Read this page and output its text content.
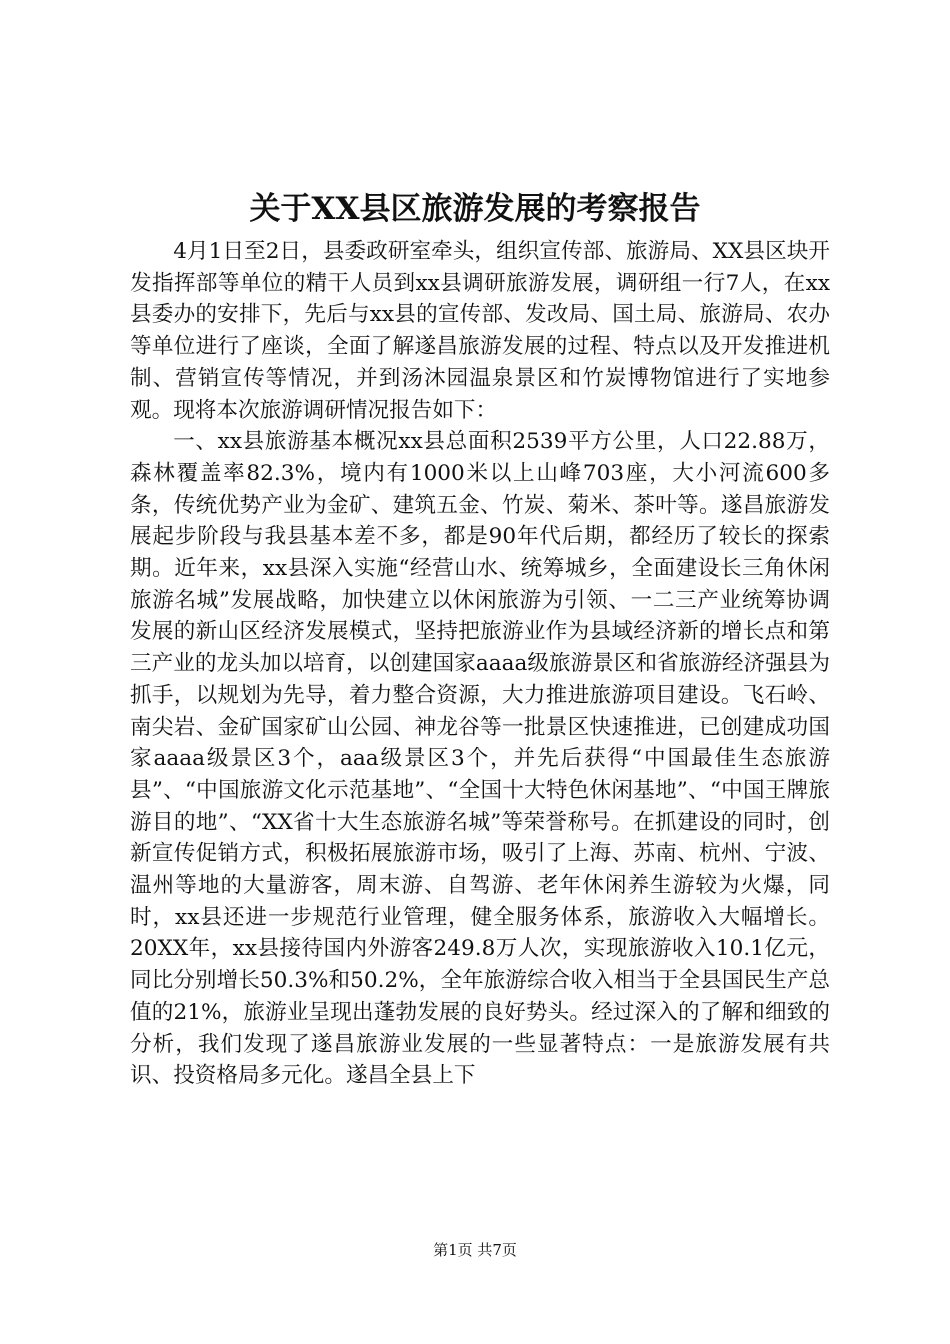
关于XX县区旅游发展的考察报告

4月1日至2日，县委政研室牵头，组织宣传部、旅游局、XX县区块开发指挥部等单位的精干人员到xx县调研旅游发展，调研组一行7人，在xx县委办的安排下，先后与xx县的宣传部、发改局、国土局、旅游局、农办等单位进行了座谈，全面了解遂昌旅游发展的过程、特点以及开发推进机制、营销宣传等情况，并到汤沐园温泉景区和竹炭博物馆进行了实地参观。现将本次旅游调研情况报告如下：

一、xx县旅游基本概况xx县总面积2539平方公里，人口22.88万，森林覆盖率82.3%，境内有1000米以上山峰703座，大小河流600多条，传统优势产业为金矿、建筑五金、竹炭、菊米、茶叶等。遂昌旅游发展起步阶段与我县基本差不多，都是90年代后期，都经历了较长的探索期。近年来，xx县深入实施“经营山水、统筹城乡，全面建设长三角休闲旅游名城”发展战略，加快建立以休闲旅游为引领、一二三产业统筹协调发展的新山区经济发展模式，坚持把旅游业作为县域经济新的增长点和第三产业的龙头加以培育，以创建国家aaaa级旅游景区和省旅游经济强县为抓手，以规划为先导，着力整合资源，大力推进旅游项目建设。飞石岭、南尖岩、金矿国家矿山公园、神龙谷等一批景区快速推进，已创建成功国家aaaa级景区3个，aaa级景区3个，并先后获得“中国最佳生态旅游县”、“中国旅游文化示范基地”、“全国十大特色休闲基地”、“中国王牌旅游目的地”、“XX省十大生态旅游名城”等荣誉称号。在抓建设的同时，创新宣传促销方式，积极拓展旅游市场，吸引了上海、苏南、杭州、宁波、温州等地的大量游客，周末游、自驾游、老年休闲养生游较为火爆，同时，xx县还进一步规范行业管理，健全服务体系，旅游收入大幅增长。20XX年，xx县接待国内外游客249.8万人次，实现旅游收入10.1亿元，同比分别增长50.3%和50.2%，全年旅游综合收入相当于全县国民生产总值的21%，旅游业呈现出蓬勃发展的良好势头。经过深入的了解和细致的分析，我们发现了遂昌旅游业发展的一些显著特点：一是旅游发展有共识、投资格局多元化。遂昌全县上下

第1页 共7页
